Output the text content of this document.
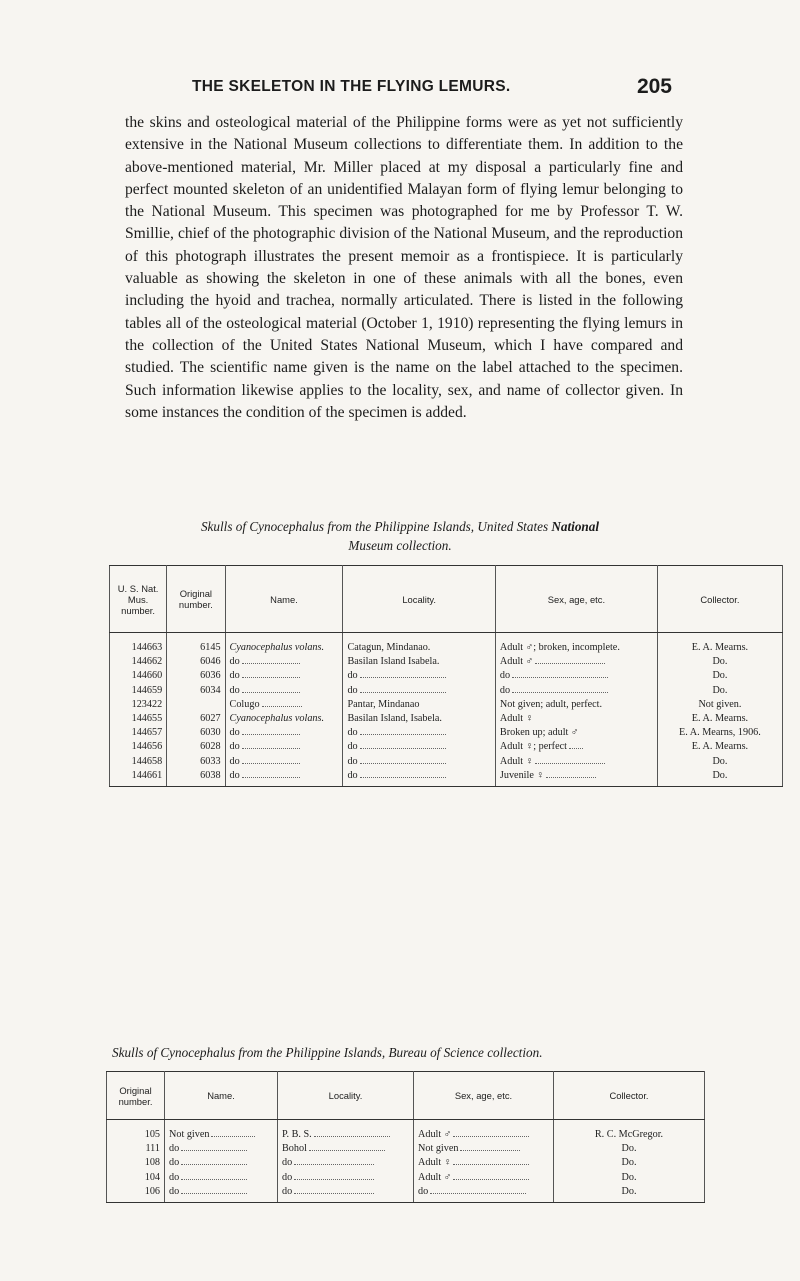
THE SKELETON IN THE FLYING LEMURS.	205

the skins and osteological material of the Philippine forms were as yet not sufficiently extensive in the National Museum collections to differentiate them. In addition to the above-mentioned material, Mr. Miller placed at my disposal a particularly fine and perfect mounted skeleton of an unidentified Malayan form of flying lemur belonging to the National Museum. This specimen was photographed for me by Professor T. W. Smillie, chief of the photographic division of the National Museum, and the reproduction of this photograph illustrates the present memoir as a frontispiece. It is particularly valuable as showing the skeleton in one of these animals with all the bones, even including the hyoid and trachea, normally articulated. There is listed in the following tables all of the osteological material (October 1, 1910) representing the flying lemurs in the collection of the United States National Museum, which I have compared and studied. The scientific name given is the name on the label attached to the specimen. Such information likewise applies to the locality, sex, and name of collector given. In some instances the condition of the specimen is added.

Skulls of Cynocephalus from the Philippine Islands, United States National
Museum collection.

U. S. Nat. Mus. number.	Original number.	Name.	Locality.	Sex, age, etc.	Collector.
144663	6145	Cyanocephalus volans.	Catagun, Mindanao.	Adult ♂; broken, incomplete.	E. A. Mearns.
144662	6046	do	Basilan Island Isabela.	Adult ♂	Do.
144660	6036	do	do	do	Do.
144659	6034	do	do	do	Do.
123422		Colugo	Pantar, Mindanao	Not given; adult, perfect.	Not given.
144655	6027	Cyanocephalus volans.	Basilan Island, Isabela.	Adult ♀	E. A. Mearns.
144657	6030	do	do	Broken up; adult ♂	E. A. Mearns, 1906.
144656	6028	do	do	Adult ♀; perfect	E. A. Mearns.
144658	6033	do	do	Adult ♀	Do.
144661	6038	do	do	Juvenile ♀	Do.

Skulls of Cynocephalus from the Philippine Islands, Bureau of Science collection.

Original number.	Name.	Locality.	Sex, age, etc.	Collector.
105	Not given	P. B. S.	Adult ♂	R. C. McGregor.
111	do	Bohol	Not given	Do.
108	do	do	Adult ♀	Do.
104	do	do	Adult ♂	Do.
106	do	do	do	Do.
